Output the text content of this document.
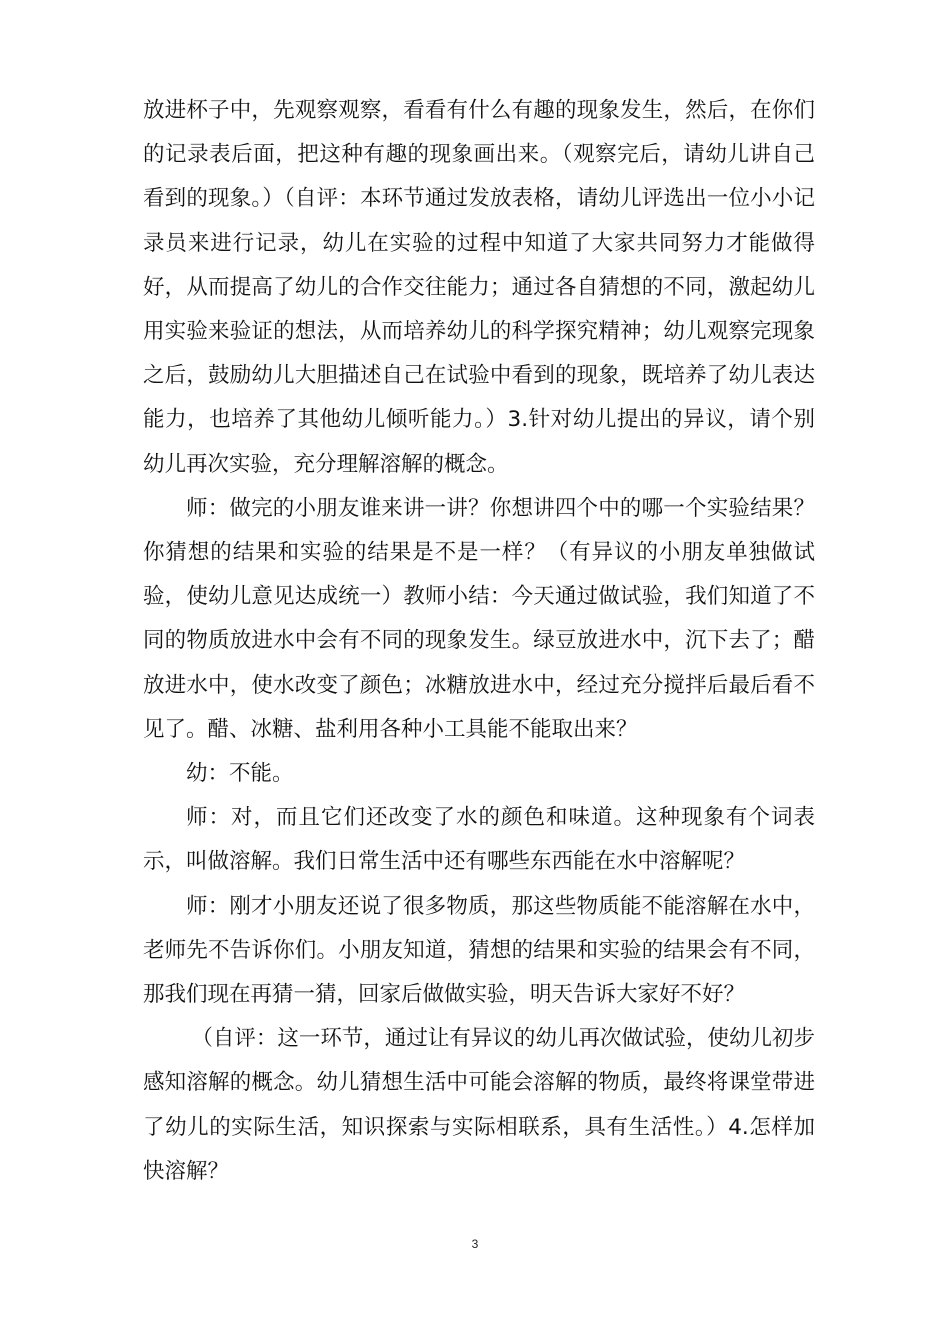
放进杯子中，先观察观察，看看有什么有趣的现象发生，然后，在你们的记录表后面，把这种有趣的现象画出来。（观察完后，请幼儿讲自己看到的现象。）（自评：本环节通过发放表格，请幼儿评选出一位小小记录员来进行记录，幼儿在实验的过程中知道了大家共同努力才能做得好，从而提高了幼儿的合作交往能力；通过各自猜想的不同，激起幼儿用实验来验证的想法，从而培养幼儿的科学探究精神；幼儿观察完现象之后，鼓励幼儿大胆描述自己在试验中看到的现象，既培养了幼儿表达能力，也培养了其他幼儿倾听能力。）3.针对幼儿提出的异议，请个别幼儿再次实验，充分理解溶解的概念。

师：做完的小朋友谁来讲一讲？你想讲四个中的哪一个实验结果？你猜想的结果和实验的结果是不是一样？（有异议的小朋友单独做试验，使幼儿意见达成统一）教师小结：今天通过做试验，我们知道了不同的物质放进水中会有不同的现象发生。绿豆放进水中，沉下去了；醋放进水中，使水改变了颜色；冰糖放进水中，经过充分搅拌后最后看不见了。醋、冰糖、盐利用各种小工具能不能取出来？

幼：不能。

师：对，而且它们还改变了水的颜色和味道。这种现象有个词表示，叫做溶解。我们日常生活中还有哪些东西能在水中溶解呢？

师：刚才小朋友还说了很多物质，那这些物质能不能溶解在水中，老师先不告诉你们。小朋友知道，猜想的结果和实验的结果会有不同，那我们现在再猜一猜，回家后做做实验，明天告诉大家好不好？

（自评：这一环节，通过让有异议的幼儿再次做试验，使幼儿初步感知溶解的概念。幼儿猜想生活中可能会溶解的物质，最终将课堂带进了幼儿的实际生活，知识探索与实际相联系，具有生活性。）4.怎样加快溶解？

3
